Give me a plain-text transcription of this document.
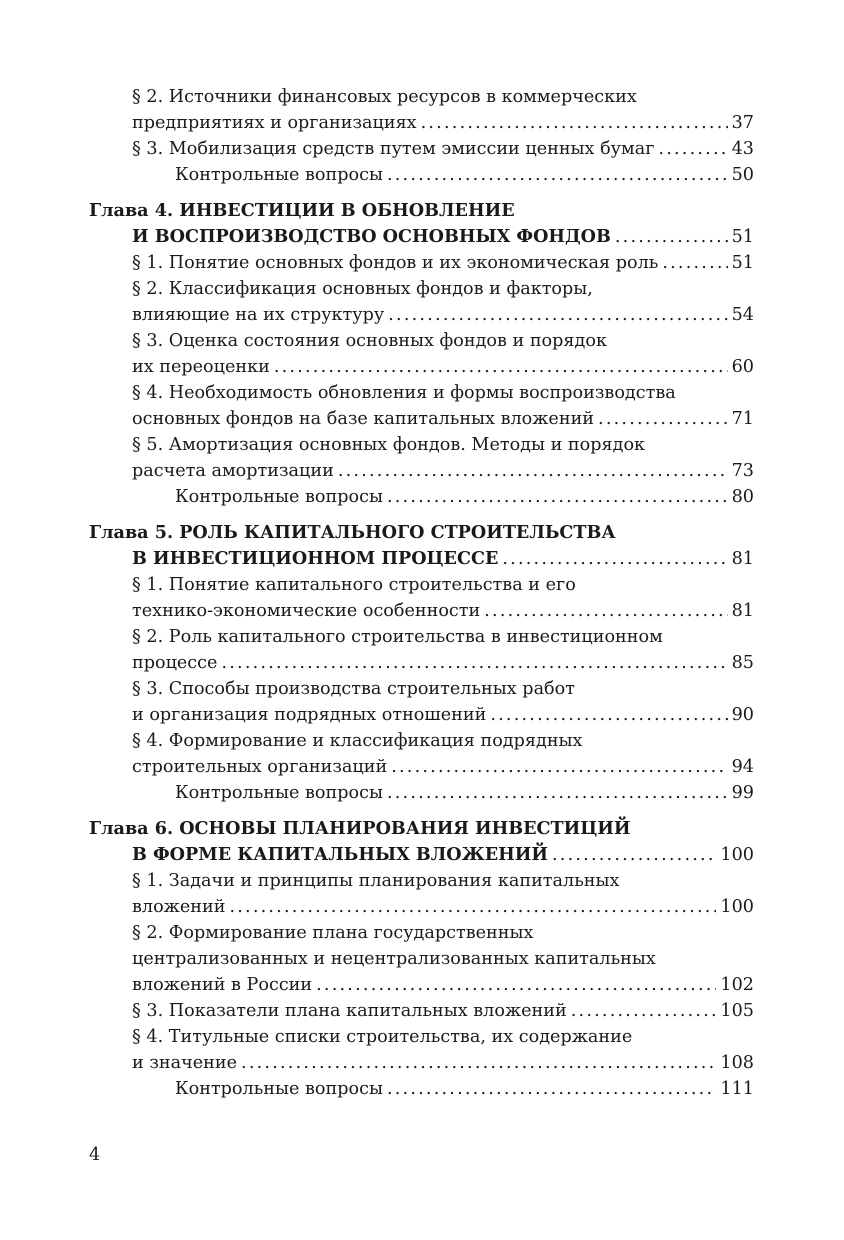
§ 2. Источники финансовых ресурсов в коммерческих
предприятиях и организациях .....	37
§ 3. Мобилизация средств путем эмиссии ценных бумаг .....	43
Контрольные вопросы .....	50
Глава 4. ИНВЕСТИЦИИ В ОБНОВЛЕНИЕ
И ВОСПРОИЗВОДСТВО ОСНОВНЫХ ФОНДОВ .....	51
§ 1. Понятие основных фондов и их экономическая роль .....	51
§ 2. Классификация основных фондов и факторы,
влияющие на их структуру .....	54
§ 3. Оценка состояния основных фондов и порядок
их переоценки .....	60
§ 4. Необходимость обновления и формы воспроизводства
основных фондов на базе капитальных вложений .....	71
§ 5. Амортизация основных фондов. Методы и порядок
расчета амортизации .....	73
Контрольные вопросы .....	80
Глава 5. РОЛЬ КАПИТАЛЬНОГО СТРОИТЕЛЬСТВА
В ИНВЕСТИЦИОННОМ ПРОЦЕССЕ .....	81
§ 1. Понятие капитального строительства и его
технико-экономические особенности .....	81
§ 2. Роль капитального строительства в инвестиционном
процессе .....	85
§ 3. Способы производства строительных работ
и организация подрядных отношений .....	90
§ 4. Формирование и классификация подрядных
строительных организаций .....	94
Контрольные вопросы .....	99
Глава 6. ОСНОВЫ ПЛАНИРОВАНИЯ ИНВЕСТИЦИЙ
В ФОРМЕ КАПИТАЛЬНЫХ ВЛОЖЕНИЙ .....	100
§ 1. Задачи и принципы планирования капитальных
вложений .....	100
§ 2. Формирование плана государственных
централизованных и нецентрализованных капитальных
вложений в России .....	102
§ 3. Показатели плана капитальных вложений .....	105
§ 4. Титульные списки строительства, их содержание
и значение .....	108
Контрольные вопросы .....	111
4
